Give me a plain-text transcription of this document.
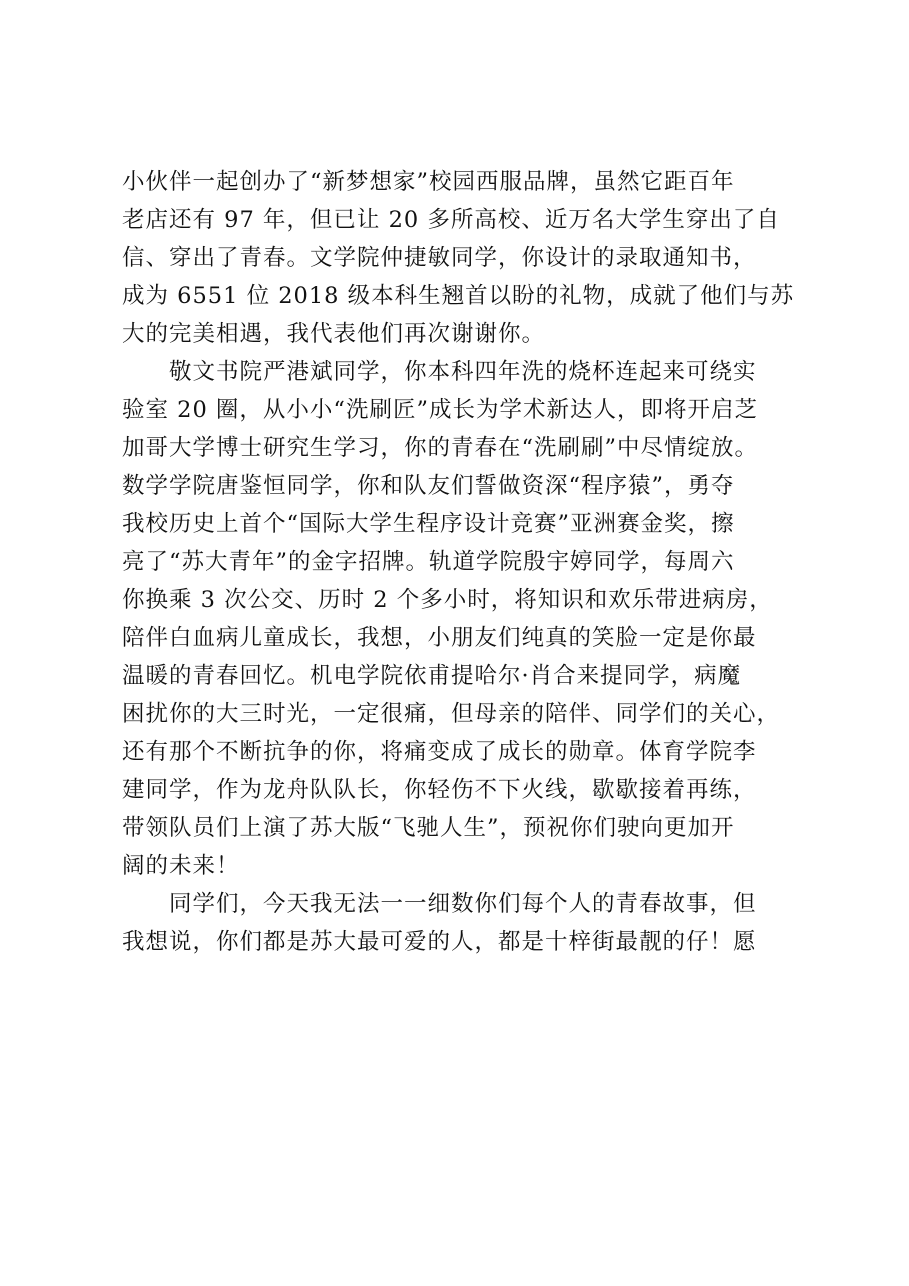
小伙伴一起创办了“新梦想家”校园西服品牌，虽然它距百年
老店还有 97 年，但已让 20 多所高校、近万名大学生穿出了自
信、穿出了青春。文学院仲捷敏同学，你设计的录取通知书，
成为 6551 位 2018 级本科生翘首以盼的礼物，成就了他们与苏
大的完美相遇，我代表他们再次谢谢你。
敬文书院严港斌同学，你本科四年洗的烧杯连起来可绕实
验室 20 圈，从小小“洗刷匠”成长为学术新达人，即将开启芝
加哥大学博士研究生学习，你的青春在“洗刷刷”中尽情绽放。
数学学院唐鉴恒同学，你和队友们誓做资深“程序猿”，勇夺
我校历史上首个“国际大学生程序设计竞赛”亚洲赛金奖，擦
亮了“苏大青年”的金字招牌。轨道学院殷宇婷同学，每周六
你换乘 3 次公交、历时 2 个多小时，将知识和欢乐带进病房，
陪伴白血病儿童成长，我想，小朋友们纯真的笑脸一定是你最
温暖的青春回忆。机电学院依甫提哈尔·肖合来提同学，病魔
困扰你的大三时光，一定很痛，但母亲的陪伴、同学们的关心，
还有那个不断抗争的你，将痛变成了成长的勋章。体育学院李
建同学，作为龙舟队队长，你轻伤不下火线，歇歇接着再练，
带领队员们上演了苏大版“飞驰人生”，预祝你们驶向更加开
阔的未来！
同学们，今天我无法一一细数你们每个人的青春故事，但
我想说，你们都是苏大最可爱的人，都是十梓街最靓的仔！愿
